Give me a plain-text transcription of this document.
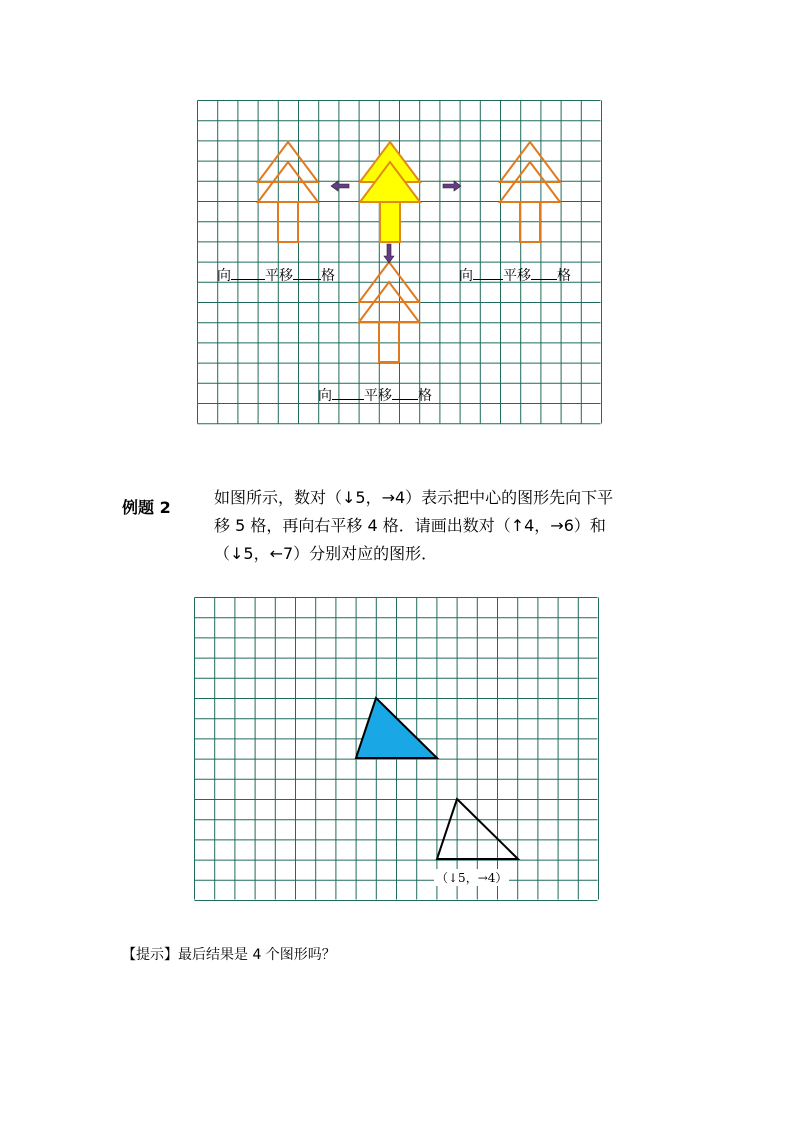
向 平移 格	向 平移 格
向 平移 格
例题 2
如图所示，数对（↓5，→4）表示把中心的图形先向下平
移 5 格，再向右平移 4 格．请画出数对（↑4，→6）和
（↓5，←7）分别对应的图形．
（↓5，→4）
【提示】最后结果是 4 个图形吗？
